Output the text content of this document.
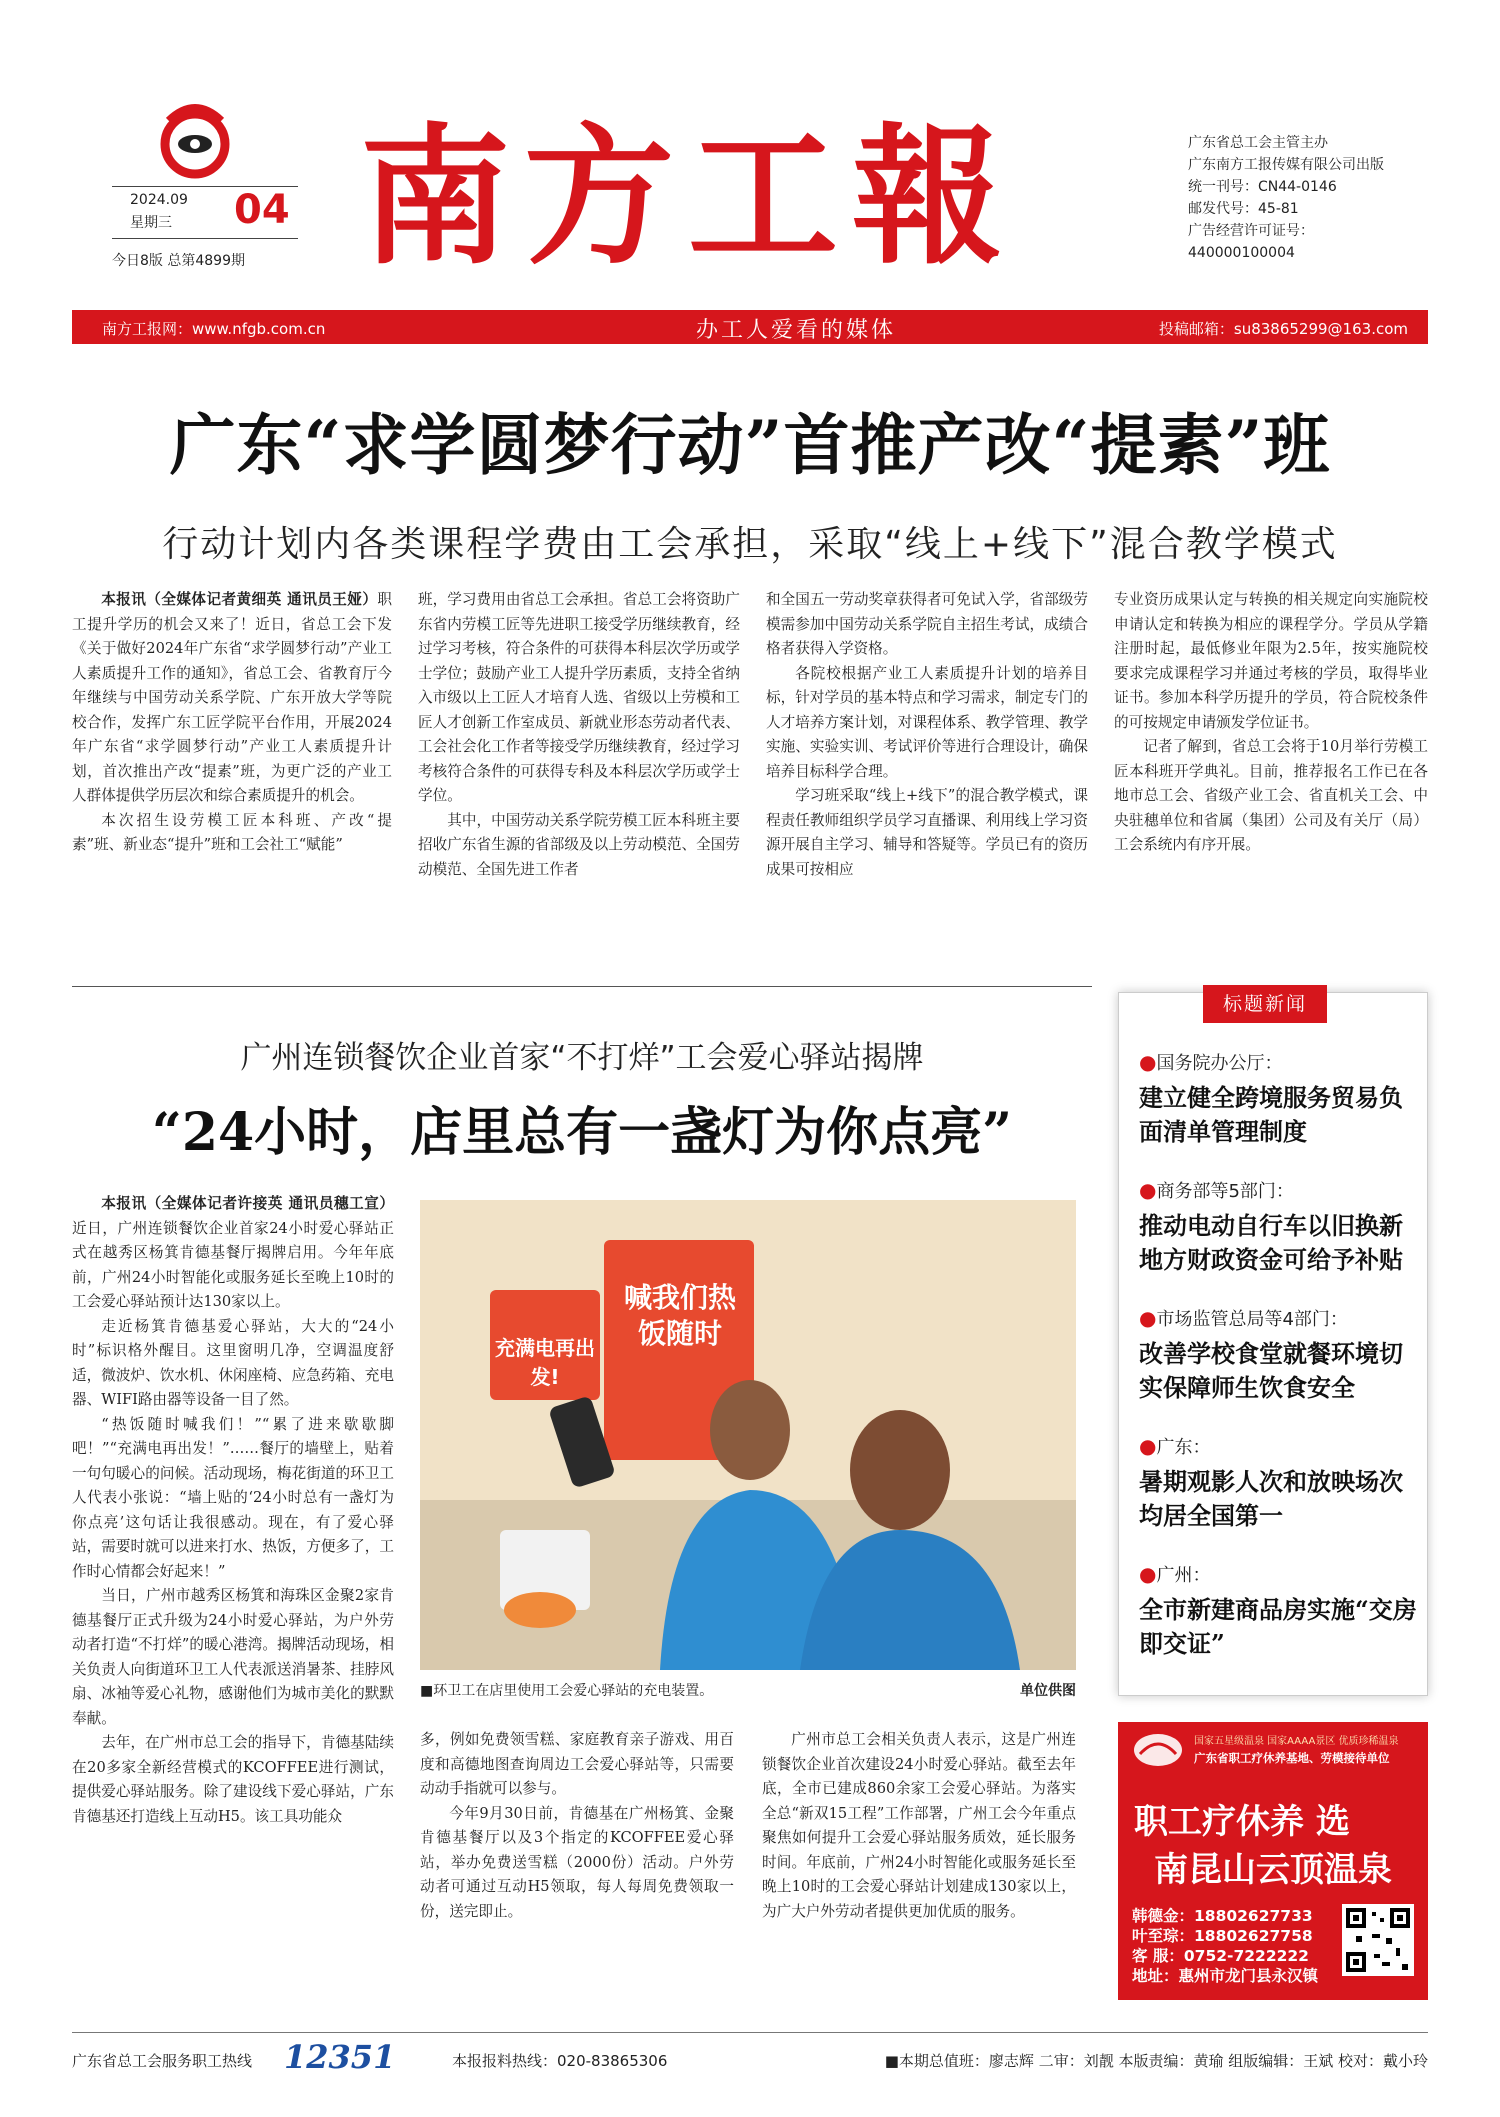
2024.09
星期三 04
今日8版 总第4899期 南方工報	广东省总工会主管主办
广东南方工报传媒有限公司出版
统一刊号：CN44-0146
邮发代号：45-81
广告经营许可证号：
440000100004
南方工报网：www.nfgb.com.cn	办工人爱看的媒体	投稿邮箱：su83865299@163.com
广东“求学圆梦行动”首推产改“提素”班
行动计划内各类课程学费由工会承担，采取“线上+线下”混合教学模式

本报讯（全媒体记者黄细英 通讯员王娅）职工提升学历的机会又来了！近日，省总工会下发《关于做好2024年广东省“求学圆梦行动”产业工人素质提升工作的通知》，省总工会、省教育厅今年继续与中国劳动关系学院、广东开放大学等院校合作，发挥广东工匠学院平台作用，开展2024年广东省“求学圆梦行动”产业工人素质提升计划，首次推出产改“提素”班，为更广泛的产业工人群体提供学历层次和综合素质提升的机会。

本次招生设劳模工匠本科班、产改“提素”班、新业态“提升”班和工会社工“赋能”

班，学习费用由省总工会承担。省总工会将资助广东省内劳模工匠等先进职工接受学历继续教育，经过学习考核，符合条件的可获得本科层次学历或学士学位；鼓励产业工人提升学历素质，支持全省纳入市级以上工匠人才培育人选、省级以上劳模和工匠人才创新工作室成员、新就业形态劳动者代表、工会社会化工作者等接受学历继续教育，经过学习考核符合条件的可获得专科及本科层次学历或学士学位。

其中，中国劳动关系学院劳模工匠本科班主要招收广东省生源的省部级及以上劳动模范、全国劳动模范、全国先进工作者

和全国五一劳动奖章获得者可免试入学，省部级劳模需参加中国劳动关系学院自主招生考试，成绩合格者获得入学资格。

各院校根据产业工人素质提升计划的培养目标，针对学员的基本特点和学习需求，制定专门的人才培养方案计划，对课程体系、教学管理、教学实施、实验实训、考试评价等进行合理设计，确保培养目标科学合理。

学习班采取“线上+线下”的混合教学模式，课程责任教师组织学员学习直播课、利用线上学习资源开展自主学习、辅导和答疑等。学员已有的资历成果可按相应

专业资历成果认定与转换的相关规定向实施院校申请认定和转换为相应的课程学分。学员从学籍注册时起，最低修业年限为2.5年，按实施院校要求完成课程学习并通过考核的学员，取得毕业证书。参加本科学历提升的学员，符合院校条件的可按规定申请颁发学位证书。

记者了解到，省总工会将于10月举行劳模工匠本科班开学典礼。目前，推荐报名工作已在各地市总工会、省级产业工会、省直机关工会、中央驻穗单位和省属（集团）公司及有关厅（局）工会系统内有序开展。

广州连锁餐饮企业首家“不打烊”工会爱心驿站揭牌
“24小时，店里总有一盏灯为你点亮”

本报讯（全媒体记者许接英 通讯员穗工宣）近日，广州连锁餐饮企业首家24小时爱心驿站正式在越秀区杨箕肯德基餐厅揭牌启用。今年年底前，广州24小时智能化或服务延长至晚上10时的工会爱心驿站预计达130家以上。

走近杨箕肯德基爱心驿站，大大的“24小时”标识格外醒目。这里窗明几净，空调温度舒适，微波炉、饮水机、休闲座椅、应急药箱、充电器、WIFI路由器等设备一目了然。

“热饭随时喊我们！”“累了进来歇歇脚吧！”“充满电再出发！”……餐厅的墙壁上，贴着一句句暖心的问候。活动现场，梅花街道的环卫工人代表小张说：“墙上贴的‘24小时总有一盏灯为你点亮’这句话让我很感动。现在，有了爱心驿站，需要时就可以进来打水、热饭，方便多了，工作时心情都会好起来！”

当日，广州市越秀区杨箕和海珠区金聚2家肯德基餐厅正式升级为24小时爱心驿站，为户外劳动者打造“不打烊”的暖心港湾。揭牌活动现场，相关负责人向街道环卫工人代表派送消暑茶、挂脖风扇、冰袖等爱心礼物，感谢他们为城市美化的默默奉献。

去年，在广州市总工会的指导下，肯德基陆续在20多家全新经营模式的KCOFFEE进行测试，提供爱心驿站服务。除了建设线下爱心驿站，广东肯德基还打造线上互动H5。该工具功能众

充满电再出发!
喊我们热饭随时
■环卫工在店里使用工会爱心驿站的充电装置。	单位供图

多，例如免费领雪糕、家庭教育亲子游戏、用百度和高德地图查询周边工会爱心驿站等，只需要动动手指就可以参与。

今年9月30日前，肯德基在广州杨箕、金聚肯德基餐厅以及3个指定的KCOFFEE爱心驿站，举办免费送雪糕（2000份）活动。户外劳动者可通过互动H5领取，每人每周免费领取一份，送完即止。

广州市总工会相关负责人表示，这是广州连锁餐饮企业首次建设24小时爱心驿站。截至去年底，全市已建成860余家工会爱心驿站。为落实全总“新双15工程”工作部署，广州工会今年重点聚焦如何提升工会爱心驿站服务质效，延长服务时间。年底前，广州24小时智能化或服务延长至晚上10时的工会爱心驿站计划建成130家以上，为广大户外劳动者提供更加优质的服务。

标题新闻
●国务院办公厅：
建立健全跨境服务贸易负面清单管理制度
●商务部等5部门：
推动电动自行车以旧换新地方财政资金可给予补贴
●市场监管总局等4部门：
改善学校食堂就餐环境切实保障师生饮食安全
●广东：
暑期观影人次和放映场次均居全国第一
●广州：
全市新建商品房实施“交房即交证”
国家五星级温泉 国家AAAA景区 优质珍稀温泉
广东省职工疗休养基地、劳模接待单位
职工疗休养 选
南昆山云顶温泉
韩德金：18802627733
叶至琮：18802627758
客 服：0752-7222222
地址：惠州市龙门县永汉镇
广东省总工会服务职工热线 12351	本报报料热线：020-83865306	■本期总值班：廖志辉 二审：刘靓 本版责编：黄瑜 组版编辑：王斌 校对：戴小玲
